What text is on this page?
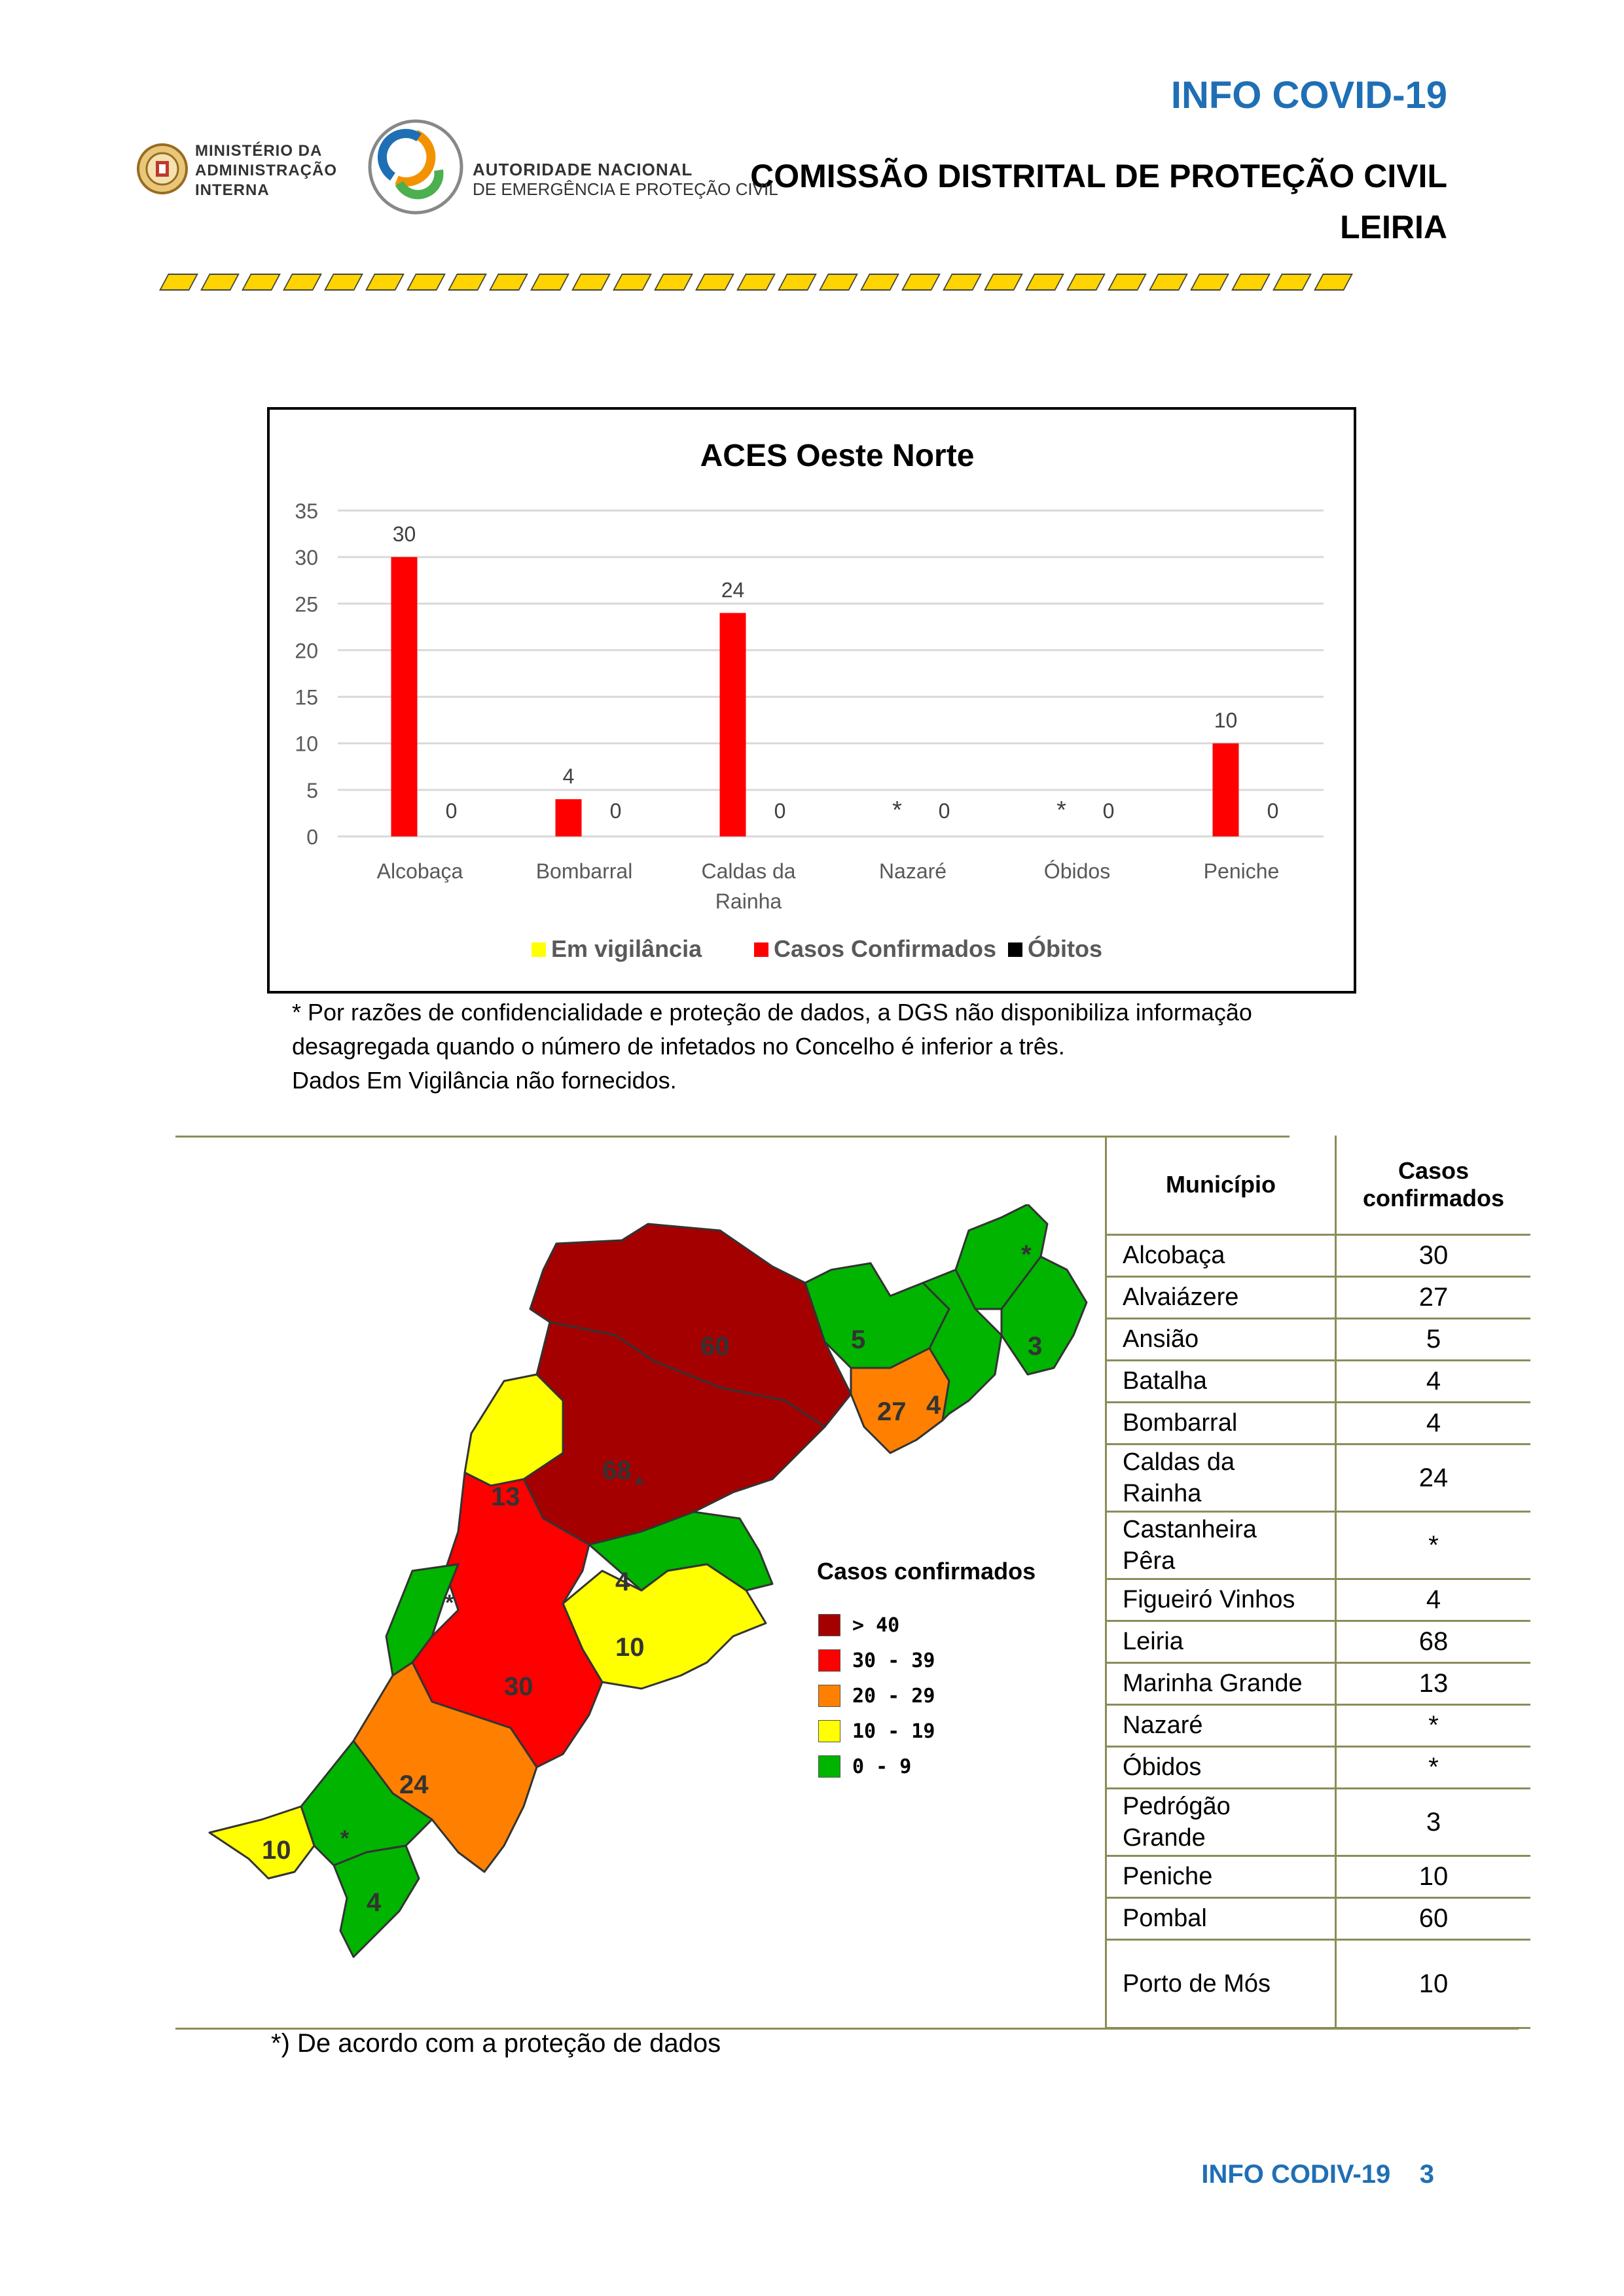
INFO COVID-19
COMISSÃO DISTRITAL DE PROTEÇÃO CIVIL
LEIRIA
MINISTÉRIO DA
ADMINISTRAÇÃO
INTERNA
AUTORIDADE NACIONAL
DE EMERGÊNCIA E PROTEÇÃO CIVIL
ACES Oeste Norte
0
5
10
15
20
25
30
35
30
0
Alcobaça
4
0
Bombarral
24
0
Caldas da
Rainha
* 0
Nazaré
* 0
Óbidos
10
0
Peniche
Em vigilância	Casos Confirmados Óbitos
* Por razões de confidencialidade e proteção de dados, a DGS não disponibiliza informação
desagregada quando o número de infetados no Concelho é inferior a três.
Dados Em Vigilância não fornecidos.
60
68
13
5
4
3
27
4
10
30
24
10
4
*
*
*
*
Casos confirmados
> 40
30 - 39
20 - 29
10 - 19
0 - 9
Município	Casos
confirmados

Alcobaça	30
Alvaiázere	27
Ansião	5
Batalha	4
Bombarral	4

Caldas da
Rainha	24

Castanheira
Pêra	*
Figueiró Vinhos	4
Leiria	68
Marinha Grande	13
Nazaré	*
Óbidos	*

Pedrógão
Grande	3
Peniche	10
Pombal	60
Porto de Mós	10
*) De acordo com a proteção de dados
INFO CODIV-19 3
